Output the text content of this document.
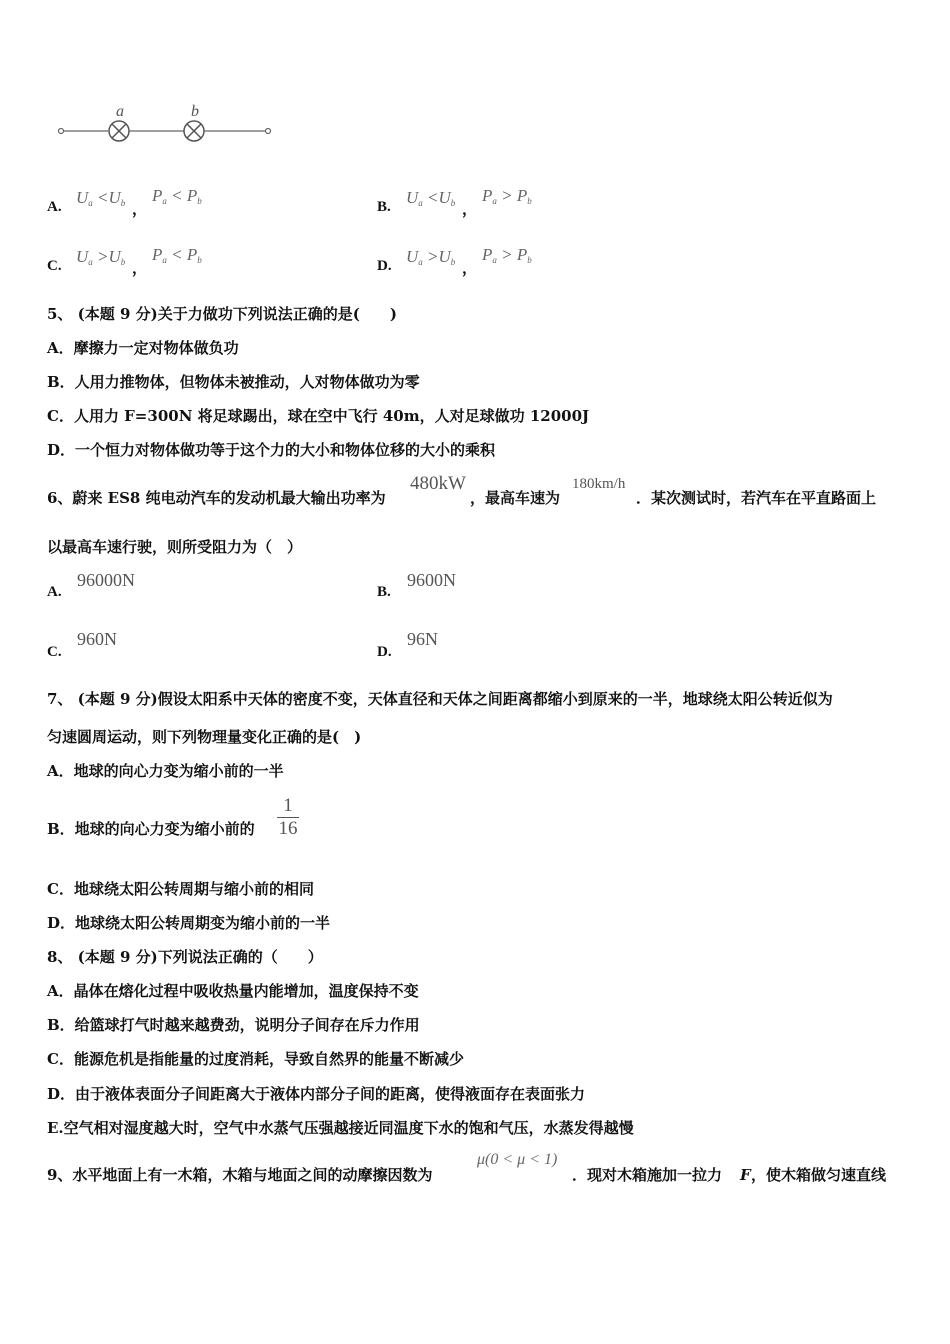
a	b
A. $U_a <U_b$ ，
$P_a < P_b$	B. $U_a <U_b$ ，
$P_a > P_b$
C. $U_a >U_b$ ，
$P_a < P_b$	D. $U_a >U_b$ ，
$P_a > P_b$
5、 (本题 9 分)关于力做功下列说法正确的是(　　)
A．摩擦力一定对物体做负功
B．人用力推物体，但物体未被推动，人对物体做功为零
C．人用力 F=300N 将足球踢出，球在空中飞行 40m，人对足球做功 12000J
D．一个恒力对物体做功等于这个力的大小和物体位移的大小的乘积
6、蔚来 ES8 纯电动汽车的发动机最大输出功率为
480kW
，最高车速为
180km/h
．某次测试时，若汽车在平直路面上
以最高车速行驶，则所受阻力为（　）
A.
96000N
B.
9600N
C.
960N
D.
96N
7、 (本题 9 分)假设太阳系中天体的密度不变，天体直径和天体之间距离都缩小到原来的一半，地球绕太阳公转近似为
匀速圆周运动，则下列物理量变化正确的是(　)
A．地球的向心力变为缩小前的一半
B．地球的向心力变为缩小前的
1
16
C．地球绕太阳公转周期与缩小前的相同
D．地球绕太阳公转周期变为缩小前的一半
8、 (本题 9 分)下列说法正确的（　　）
A．晶体在熔化过程中吸收热量内能增加，温度保持不变
B．给篮球打气时越来越费劲，说明分子间存在斥力作用
C．能源危机是指能量的过度消耗，导致自然界的能量不断减少
D．由于液体表面分子间距离大于液体内部分子间的距离，使得液面存在表面张力
E.空气相对湿度越大时，空气中水蒸气压强越接近同温度下水的饱和气压，水蒸发得越慢
9、水平地面上有一木箱，木箱与地面之间的动摩擦因数为
μ(0 < μ < 1)
．现对木箱施加一拉力 F ，使木箱做匀速直线
